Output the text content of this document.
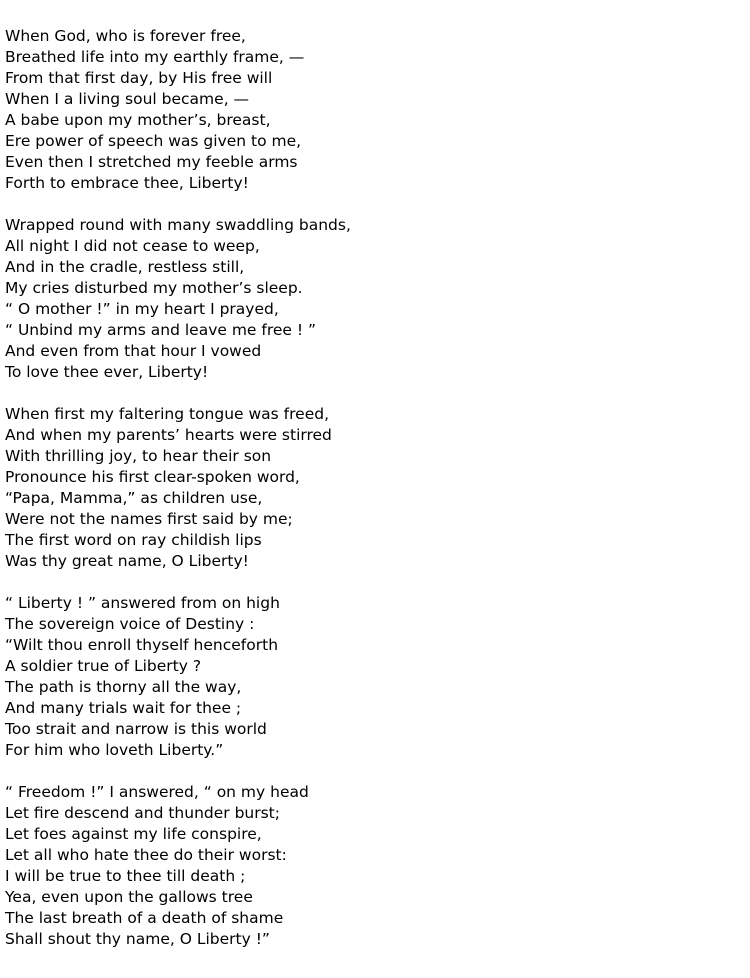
When God, who is forever free,
Breathed life into my earthly frame, —
From that first day, by His free will
When I a living soul became, —
A babe upon my mother’s, breast,
Ere power of speech was given to me,
Even then I stretched my feeble arms
Forth to embrace thee, Liberty!
Wrapped round with many swaddling bands,
All night I did not cease to weep,
And in the cradle, restless still,
My cries disturbed my mother’s sleep.
“ O mother !” in my heart I prayed,
“ Unbind my arms and leave me free ! ”
And even from that hour I vowed
To love thee ever, Liberty!
When first my faltering tongue was freed,
And when my parents’ hearts were stirred
With thrilling joy, to hear their son
Pronounce his first clear-spoken word,
“Papa, Mamma,” as children use,
Were not the names first said by me;
The first word on ray childish lips
Was thy great name, O Liberty!
“ Liberty ! ” answered from on high
The sovereign voice of Destiny :
“Wilt thou enroll thyself henceforth
A soldier true of Liberty ?
The path is thorny all the way,
And many trials wait for thee ;
Too strait and narrow is this world
For him who loveth Liberty.”
“ Freedom !” I answered, “ on my head
Let fire descend and thunder burst;
Let foes against my life conspire,
Let all who hate thee do their worst:
I will be true to thee till death ;
Yea, even upon the gallows tree
The last breath of a death of shame
Shall shout thy name, O Liberty !”
